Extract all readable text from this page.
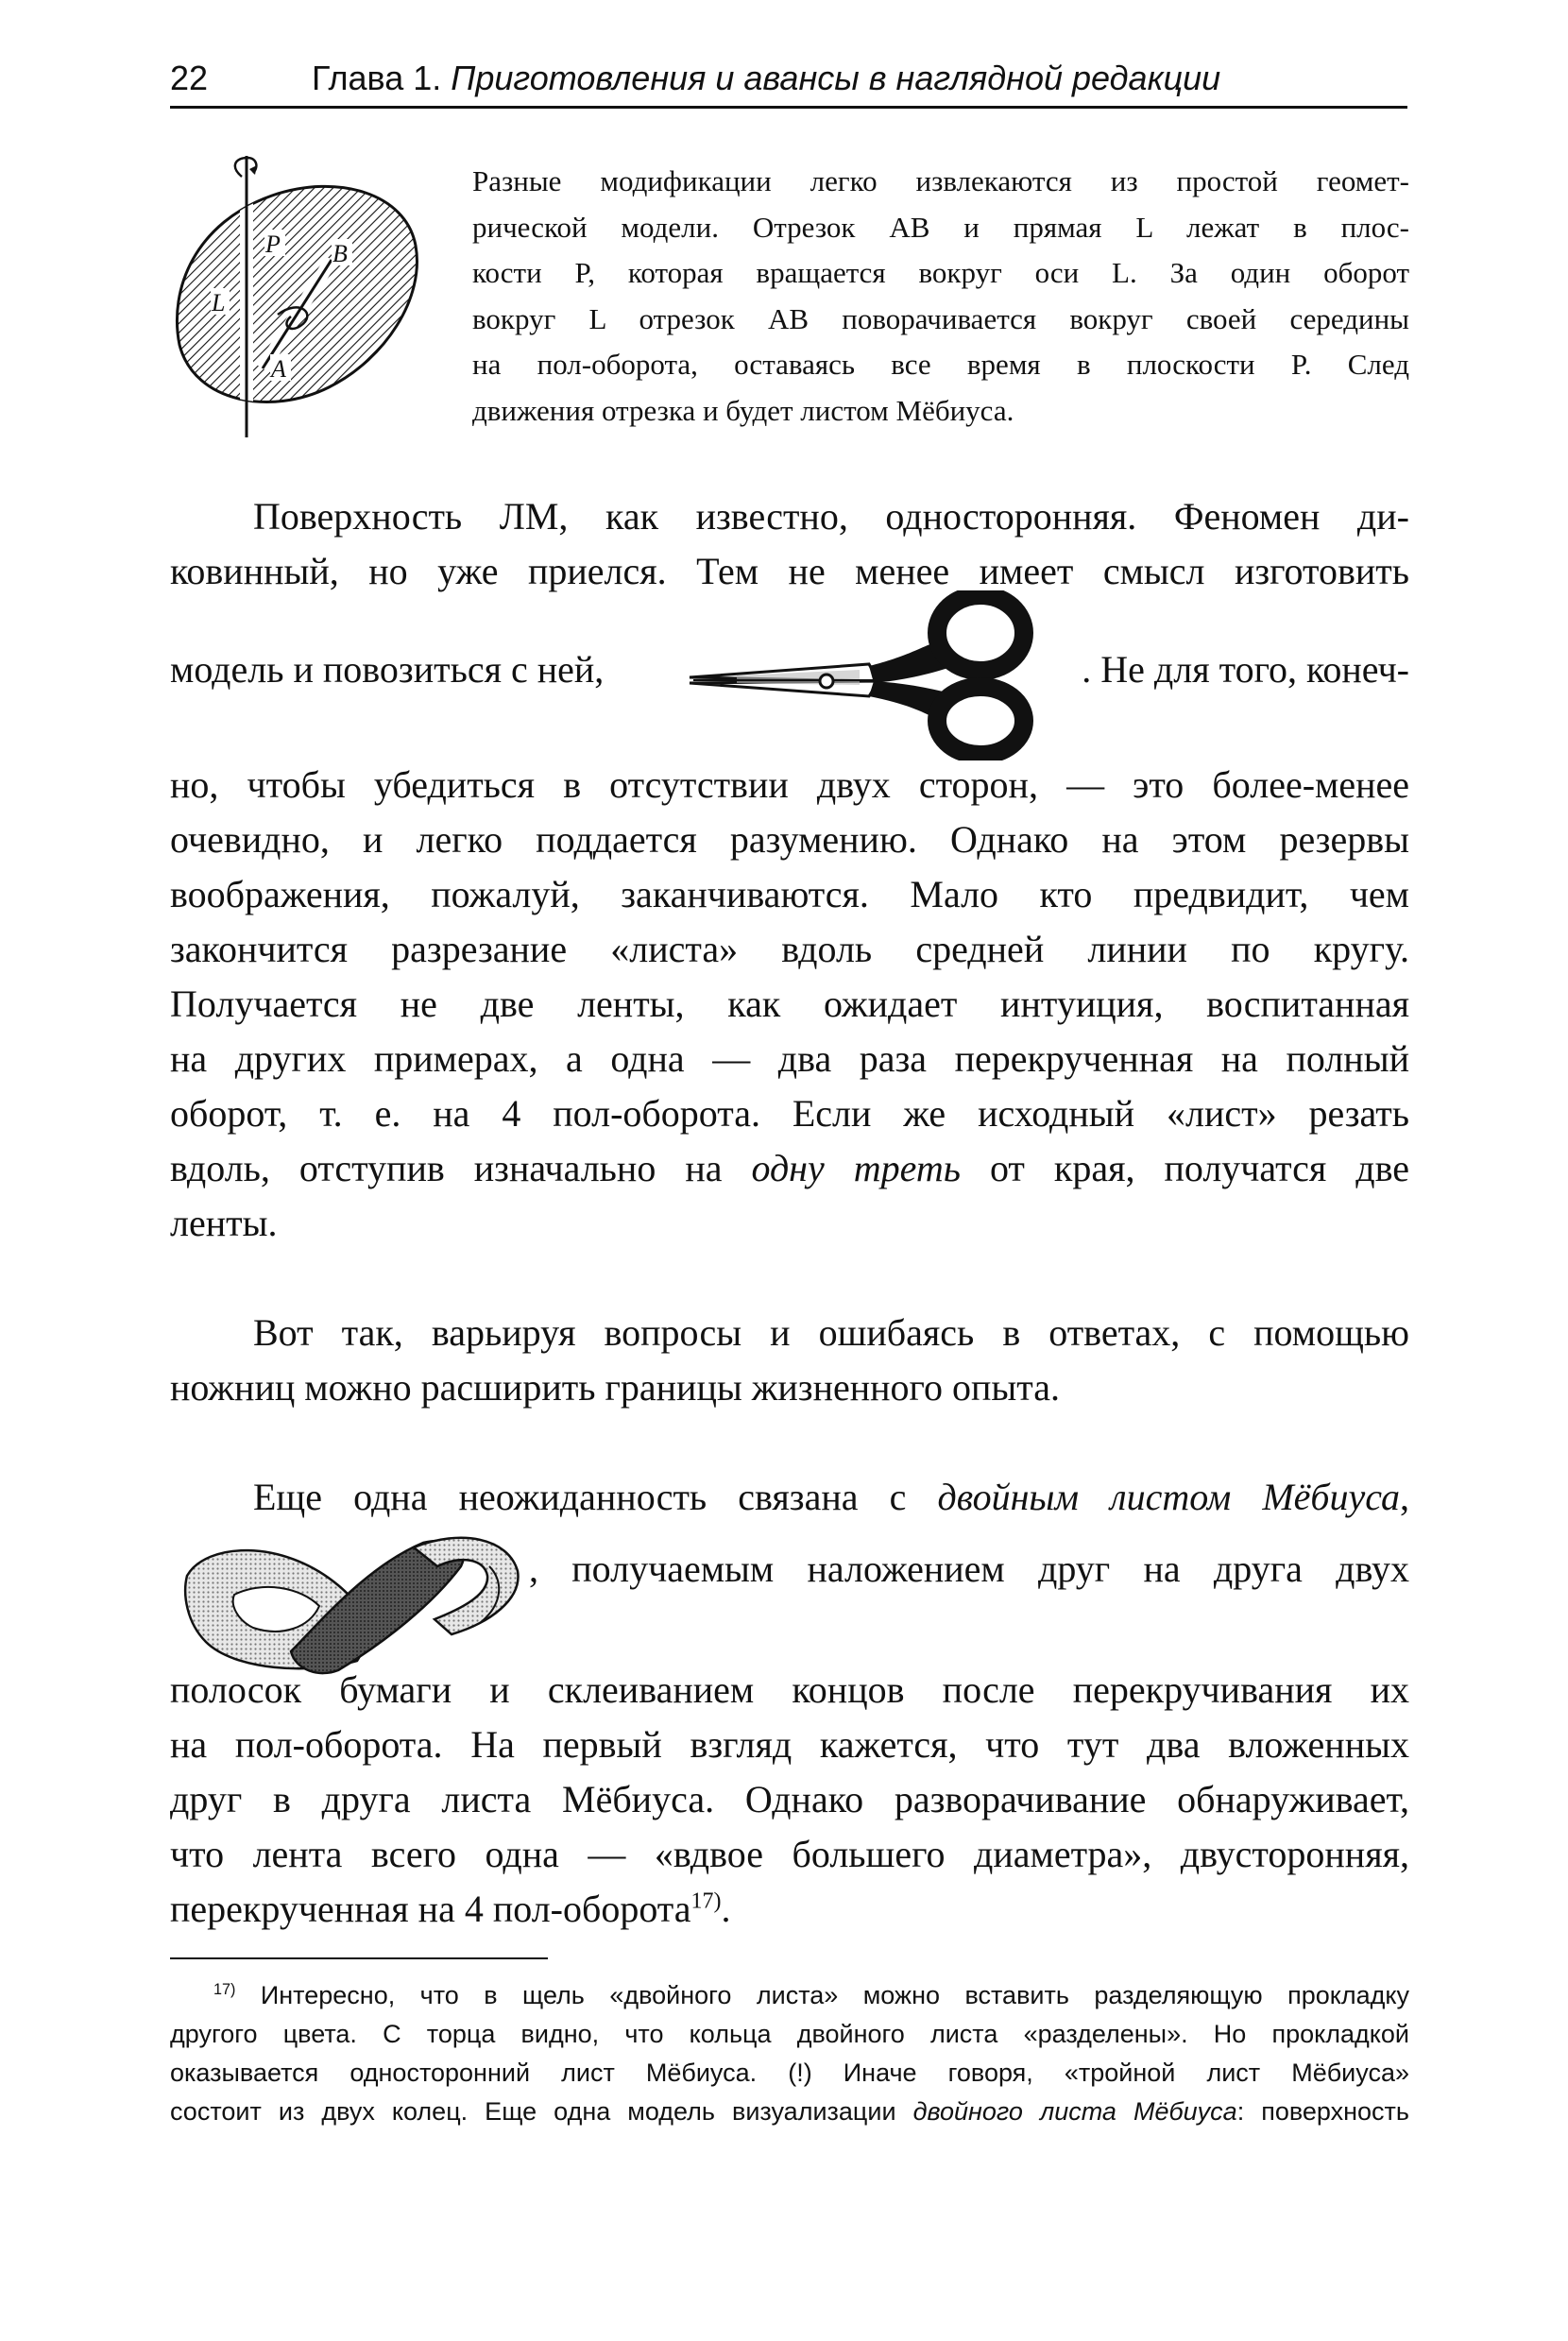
22	Глава 1. Приготовления и авансы в наглядной редакции
P B
L
A
Разные модификации легко извлекаются из простой геомет-
рической модели. Отрезок AB и прямая L лежат в плос-
кости P, которая вращается вокруг оси L. За один оборот
вокруг L отрезок AB поворачивается вокруг своей середины
на пол-оборота, оставаясь все время в плоскости P. След
движения отрезка и будет листом Мёбиуса.
Поверхность ЛМ, как известно, односторонняя. Феномен ди-
ковинный, но уже приелся. Тем не менее имеет смысл изготовить
модель и повозиться с ней,	. Не для того, конеч-
но, чтобы убедиться в отсутствии двух сторон, — это более-менее
очевидно, и легко поддается разумению. Однако на этом резервы
воображения, пожалуй, заканчиваются. Мало кто предвидит, чем
закончится разрезание «листа» вдоль средней линии по кругу.
Получается не две ленты, как ожидает интуиция, воспитанная
на других примерах, а одна — два раза перекрученная на полный
оборот, т. е. на 4 пол-оборота. Если же исходный «лист» резать
вдоль, отступив изначально на одну треть от края, получатся две
ленты.
Вот так, варьируя вопросы и ошибаясь в ответах, с помощью
ножниц можно расширить границы жизненного опыта.
Еще одна неожиданность связана с двойным листом Мёбиуса,
, получаемым наложением друг на друга двух
полосок бумаги и склеиванием концов после перекручивания их
на пол-оборота. На первый взгляд кажется, что тут два вложенных
друг в друга листа Мёбиуса. Однако разворачивание обнаруживает,
что лента всего одна — «вдвое большего диаметра», двусторонняя,
перекрученная на 4 пол-оборота$^{17)}$.
$^{17)}$ Интересно, что в щель «двойного листа» можно вставить разделяющую прокладку
другого цвета. С торца видно, что кольца двойного листа «разделены». Но прокладкой
оказывается односторонний лист Мёбиуса. (!) Иначе говоря, «тройной лист Мёбиуса»
состоит из двух колец. Еще одна модель визуализации двойного листа Мёбиуса: поверхность
